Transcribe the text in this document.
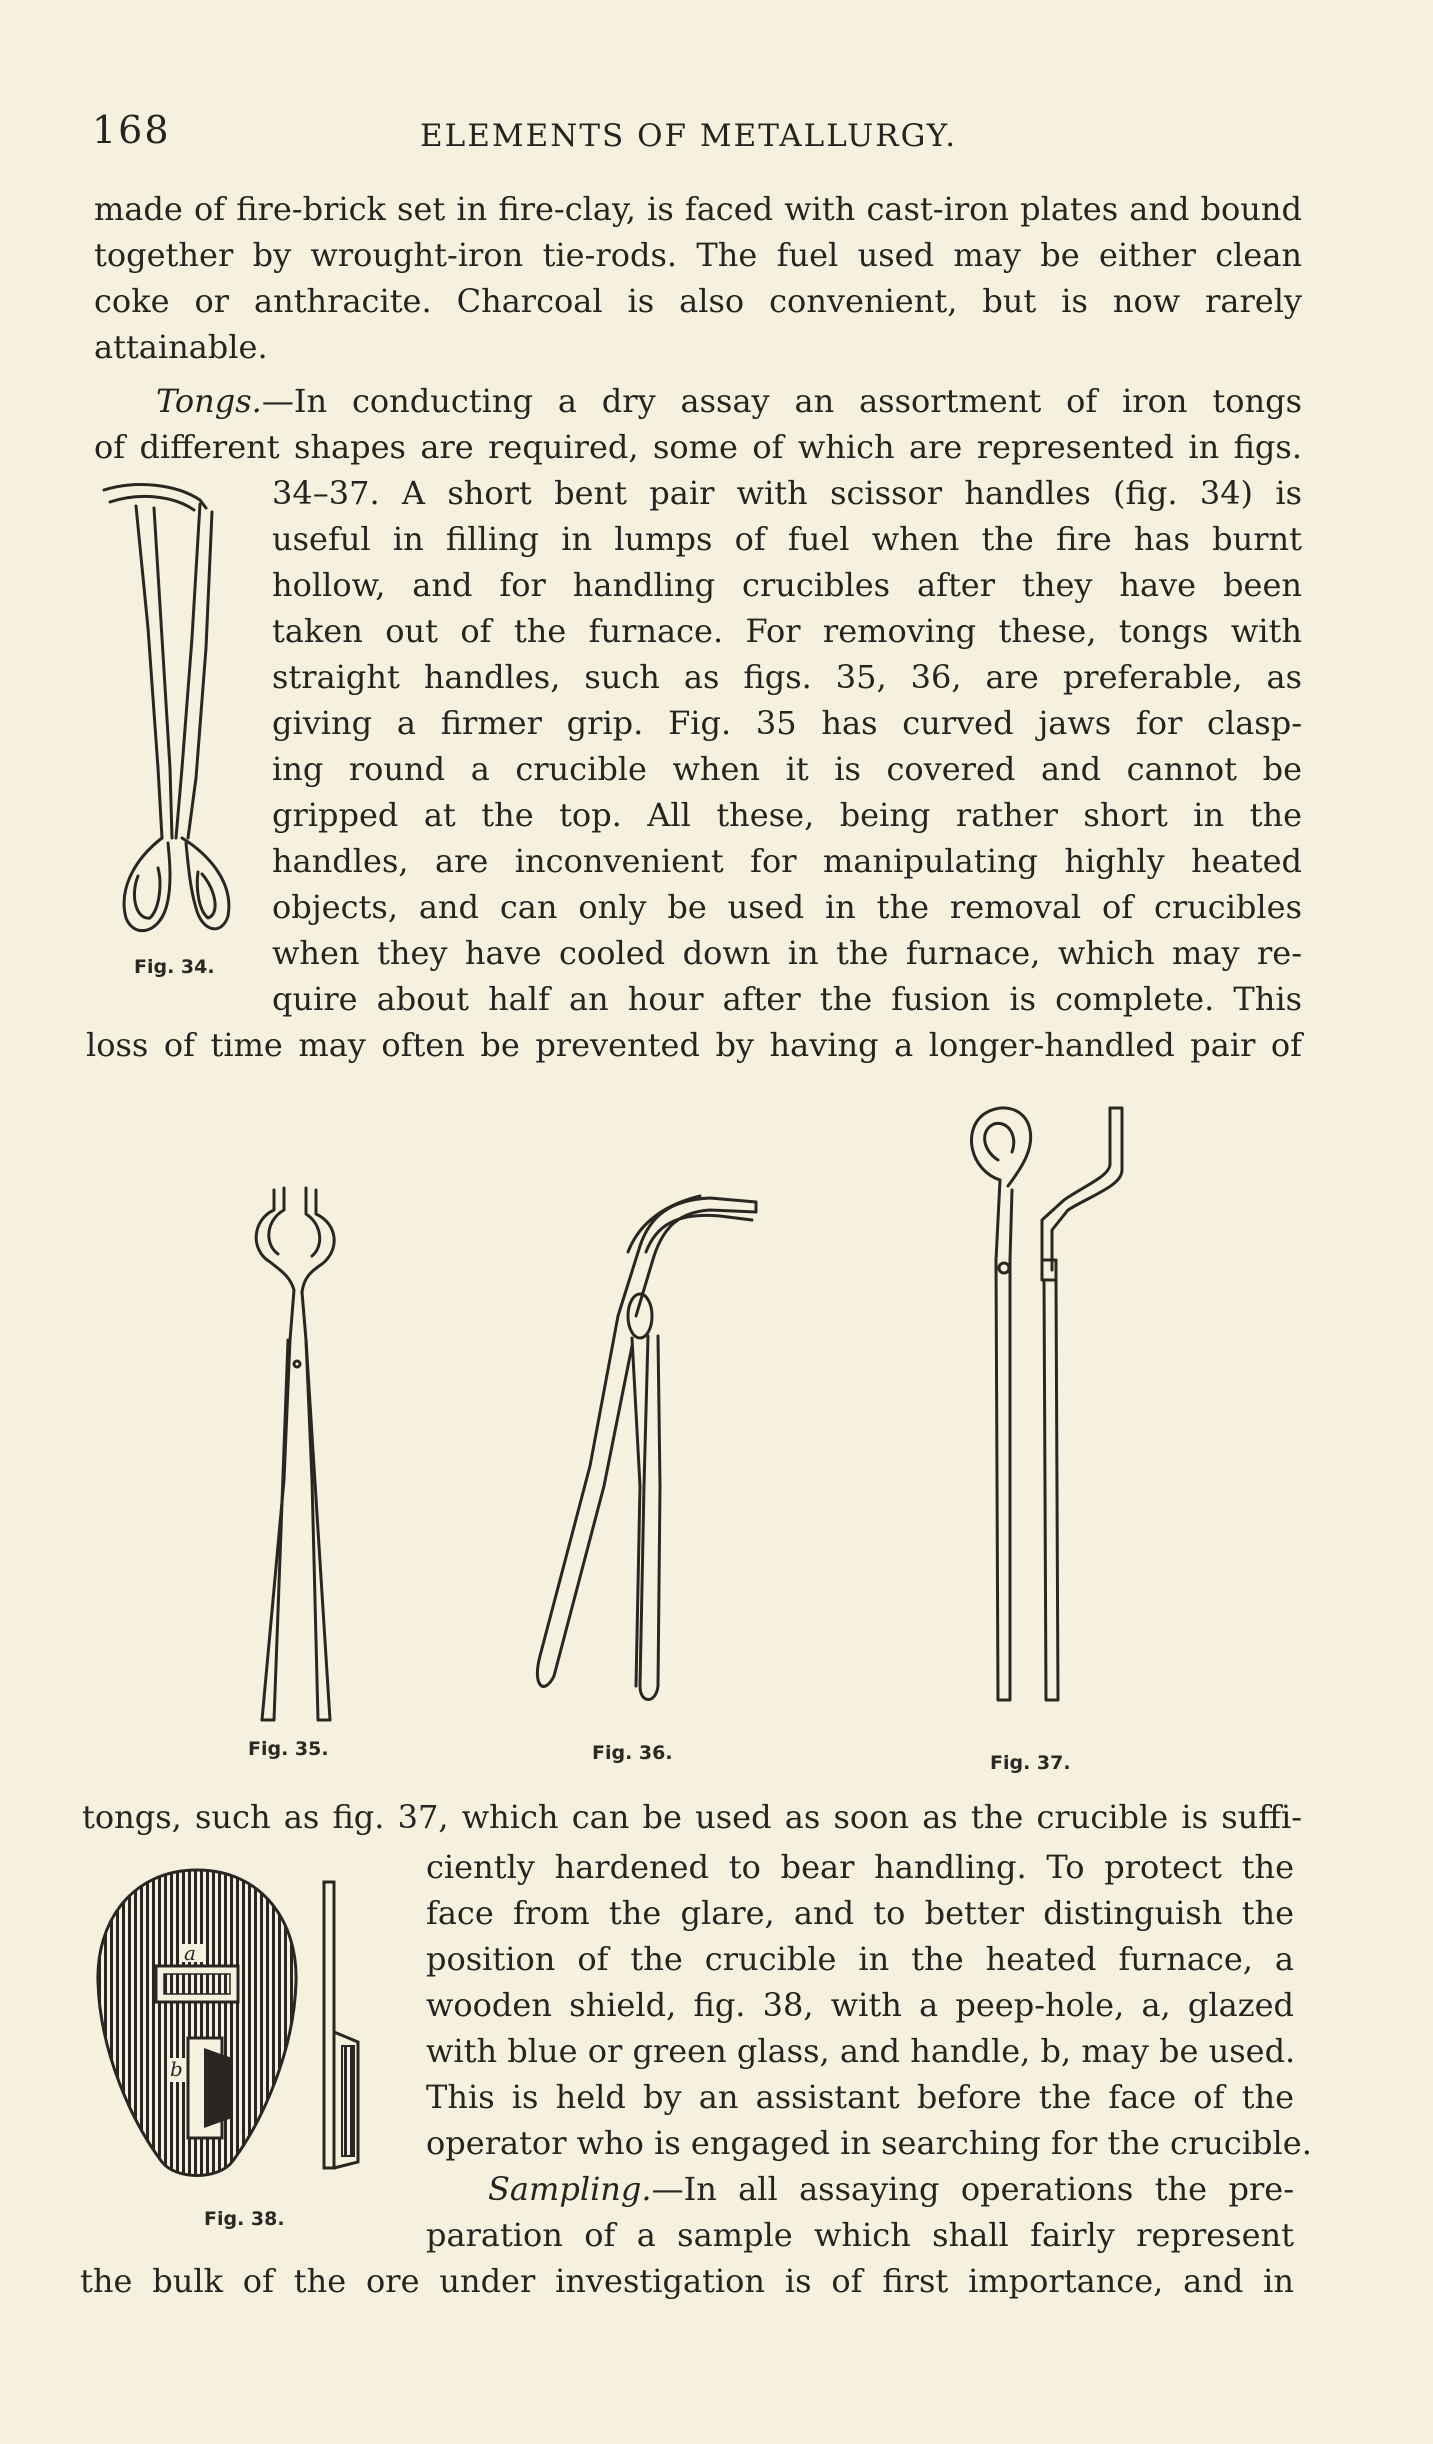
168	ELEMENTS OF METALLURGY.
made of fire-brick set in fire-clay, is faced with cast-iron plates and bound
together by wrought-iron tie-rods. The fuel used may be either clean
coke or anthracite. Charcoal is also convenient, but is now rarely
attainable.
Tongs.—In conducting a dry assay an assortment of iron tongs
of different shapes are required, some of which are represented in figs.
34–37. A short bent pair with scissor handles (fig. 34) is
useful in filling in lumps of fuel when the fire has burnt
hollow, and for handling crucibles after they have been
taken out of the furnace. For removing these, tongs with
straight handles, such as figs. 35, 36, are preferable, as
giving a firmer grip. Fig. 35 has curved jaws for clasp-
ing round a crucible when it is covered and cannot be
gripped at the top. All these, being rather short in the
handles, are inconvenient for manipulating highly heated
objects, and can only be used in the removal of crucibles
when they have cooled down in the furnace, which may re-
quire about half an hour after the fusion is complete. This
loss of time may often be prevented by having a longer-handled pair of
Fig. 34.
Fig. 35.	Fig. 36.	Fig. 37.
tongs, such as fig. 37, which can be used as soon as the crucible is suffi-
ciently hardened to bear handling. To protect the
face from the glare, and to better distinguish the
position of the crucible in the heated furnace, a
wooden shield, fig. 38, with a peep-hole, a, glazed
with blue or green glass, and handle, b, may be used.
This is held by an assistant before the face of the
operator who is engaged in searching for the crucible.
Sampling.—In all assaying operations the pre-
paration of a sample which shall fairly represent
the bulk of the ore under investigation is of first importance, and in
a
b
Fig. 38.
